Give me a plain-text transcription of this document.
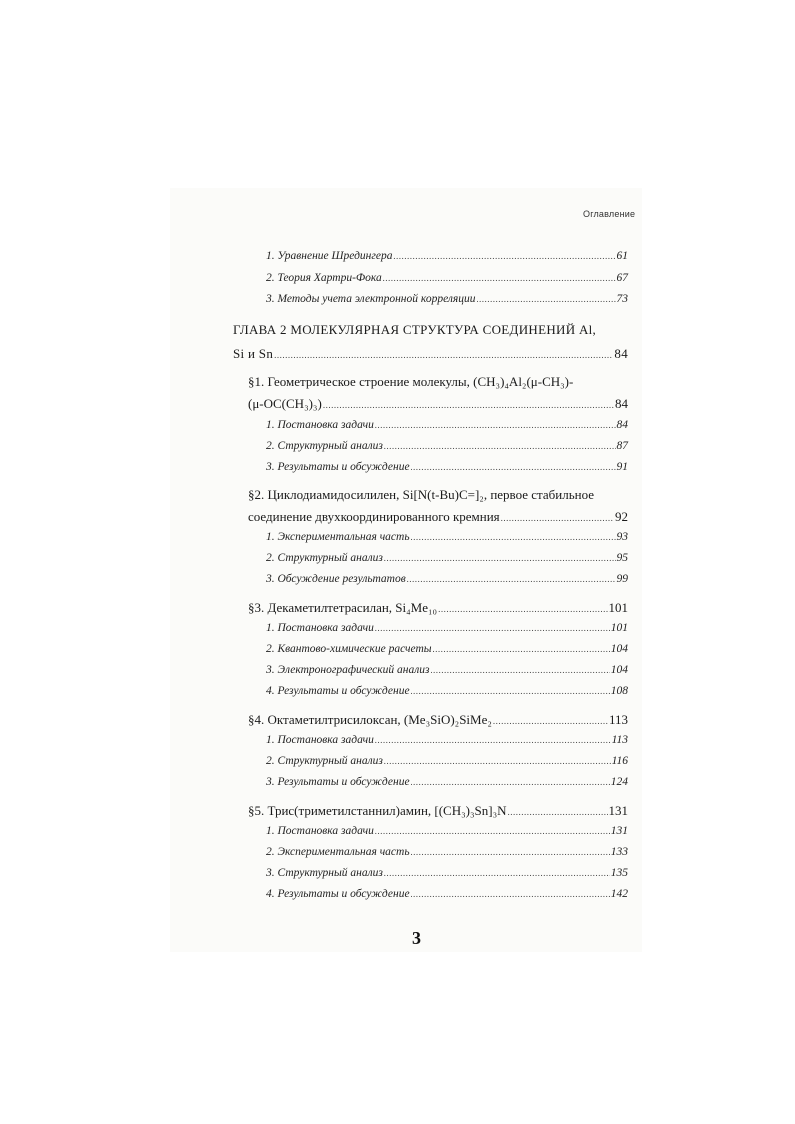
Оглавление
1. Уравнение Шредингера .....	61
2. Теория Хартри-Фока .....	67
3. Методы учета электронной корреляции .....	73
ГЛАВА 2 МОЛЕКУЛЯРНАЯ СТРУКТУРА СОЕДИНЕНИЙ Al,
Si и Sn .....	84
§1. Геометрическое строение молекулы, (CH₃)₄Al₂(μ-CH₃)-
(μ-OC(CH₃)₃) .....	84
1. Постановка задачи .....	84
2. Структурный анализ .....	87
3. Результаты и обсуждение .....	91
§2. Циклодиамидосилилен, Si[N(t-Bu)C=]₂, первое стабильное
соединение двухкоординированного кремния .....	92
1. Экспериментальная часть .....	93
2. Структурный анализ .....	95
3. Обсуждение результатов .....	99
§3. Декаметилтетрасилан, Si₄Me₁₀ .....	101
1. Постановка задачи .....	101
2. Квантово-химические расчеты .....	104
3. Электронографический анализ .....	104
4. Результаты и обсуждение .....	108
§4. Октаметилтрисилоксан, (Me₃SiO)₂SiMe₂ .....	113
1. Постановка задачи .....	113
2. Структурный анализ .....	116
3. Результаты и обсуждение .....	124
§5. Трис(триметилстаннил)амин, [(CH₃)₃Sn]₃N .....	131
1. Постановка задачи .....	131
2. Экспериментальная часть .....	133
3. Структурный анализ .....	135
4. Результаты и обсуждение .....	142
3
